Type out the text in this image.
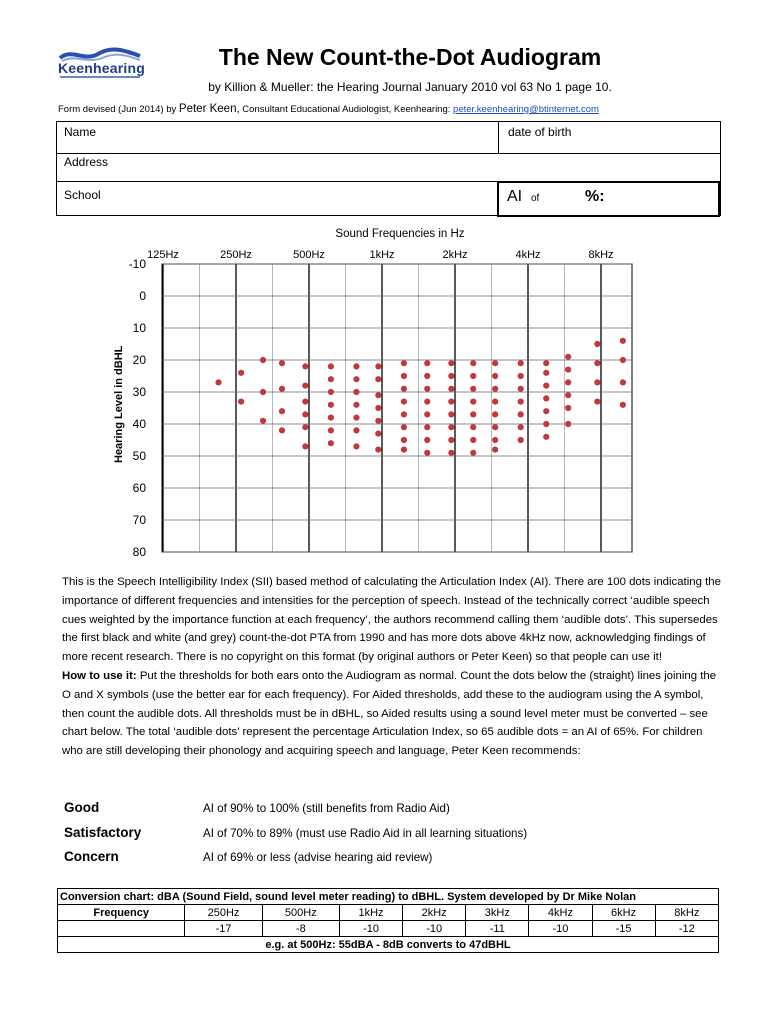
Keenhearing	The New Count-the-Dot Audiogram
by Killion & Mueller: the Hearing Journal January 2010 vol 63 No 1 page 10.
Form devised (Jun 2014) by Peter Keen, Consultant Educational Audiologist, Keenhearing: peter.keenhearing@btinternet.com
Name	date of birth
Address
School	AI of	%:
Sound Frequencies in Hz
125Hz	250Hz	500Hz	1kHz	2kHz	4kHz	8kHz
-10
0
10
20
30
40
50
60
70
80
Hearing Level in dBHL

This is the Speech Intelligibility Index (SII) based method of calculating the Articulation Index (AI). There are 100 dots indicating the importance of different frequencies and intensities for the perception of speech. Instead of the technically correct ‘audible speech cues weighted by the importance function at each frequency’, the authors recommend calling them ‘audible dots’. This supersedes the first black and white (and grey) count-the-dot PTA from 1990 and has more dots above 4kHz now, acknowledging findings of more recent research. There is no copyright on this format (by original authors or Peter Keen) so that people can use it!

How to use it: Put the thresholds for both ears onto the Audiogram as normal. Count the dots below the (straight) lines joining the O and X symbols (use the better ear for each frequency). For Aided thresholds, add these to the audiogram using the A symbol, then count the audible dots. All thresholds must be in dBHL, so Aided results using a sound level meter must be converted – see chart below. The total ‘audible dots’ represent the percentage Articulation Index, so 65 audible dots = an AI of 65%. For children who are still developing their phonology and acquiring speech and language, Peter Keen recommends:

Good	AI of 90% to 100% (still benefits from Radio Aid)
Satisfactory	AI of 70% to 89% (must use Radio Aid in all learning situations)
Concern	AI of 69% or less (advise hearing aid review)
Conversion chart: dBA (Sound Field, sound level meter reading) to dBHL. System developed by Dr Mike Nolan								
Frequency	250Hz	500Hz	1kHz	2kHz	3kHz	4kHz	6kHz	8kHz
	-17	-8	-10	-10	-11	-10	-15	-12
e.g. at 500Hz: 55dBA - 8dB converts to 47dBHL								
